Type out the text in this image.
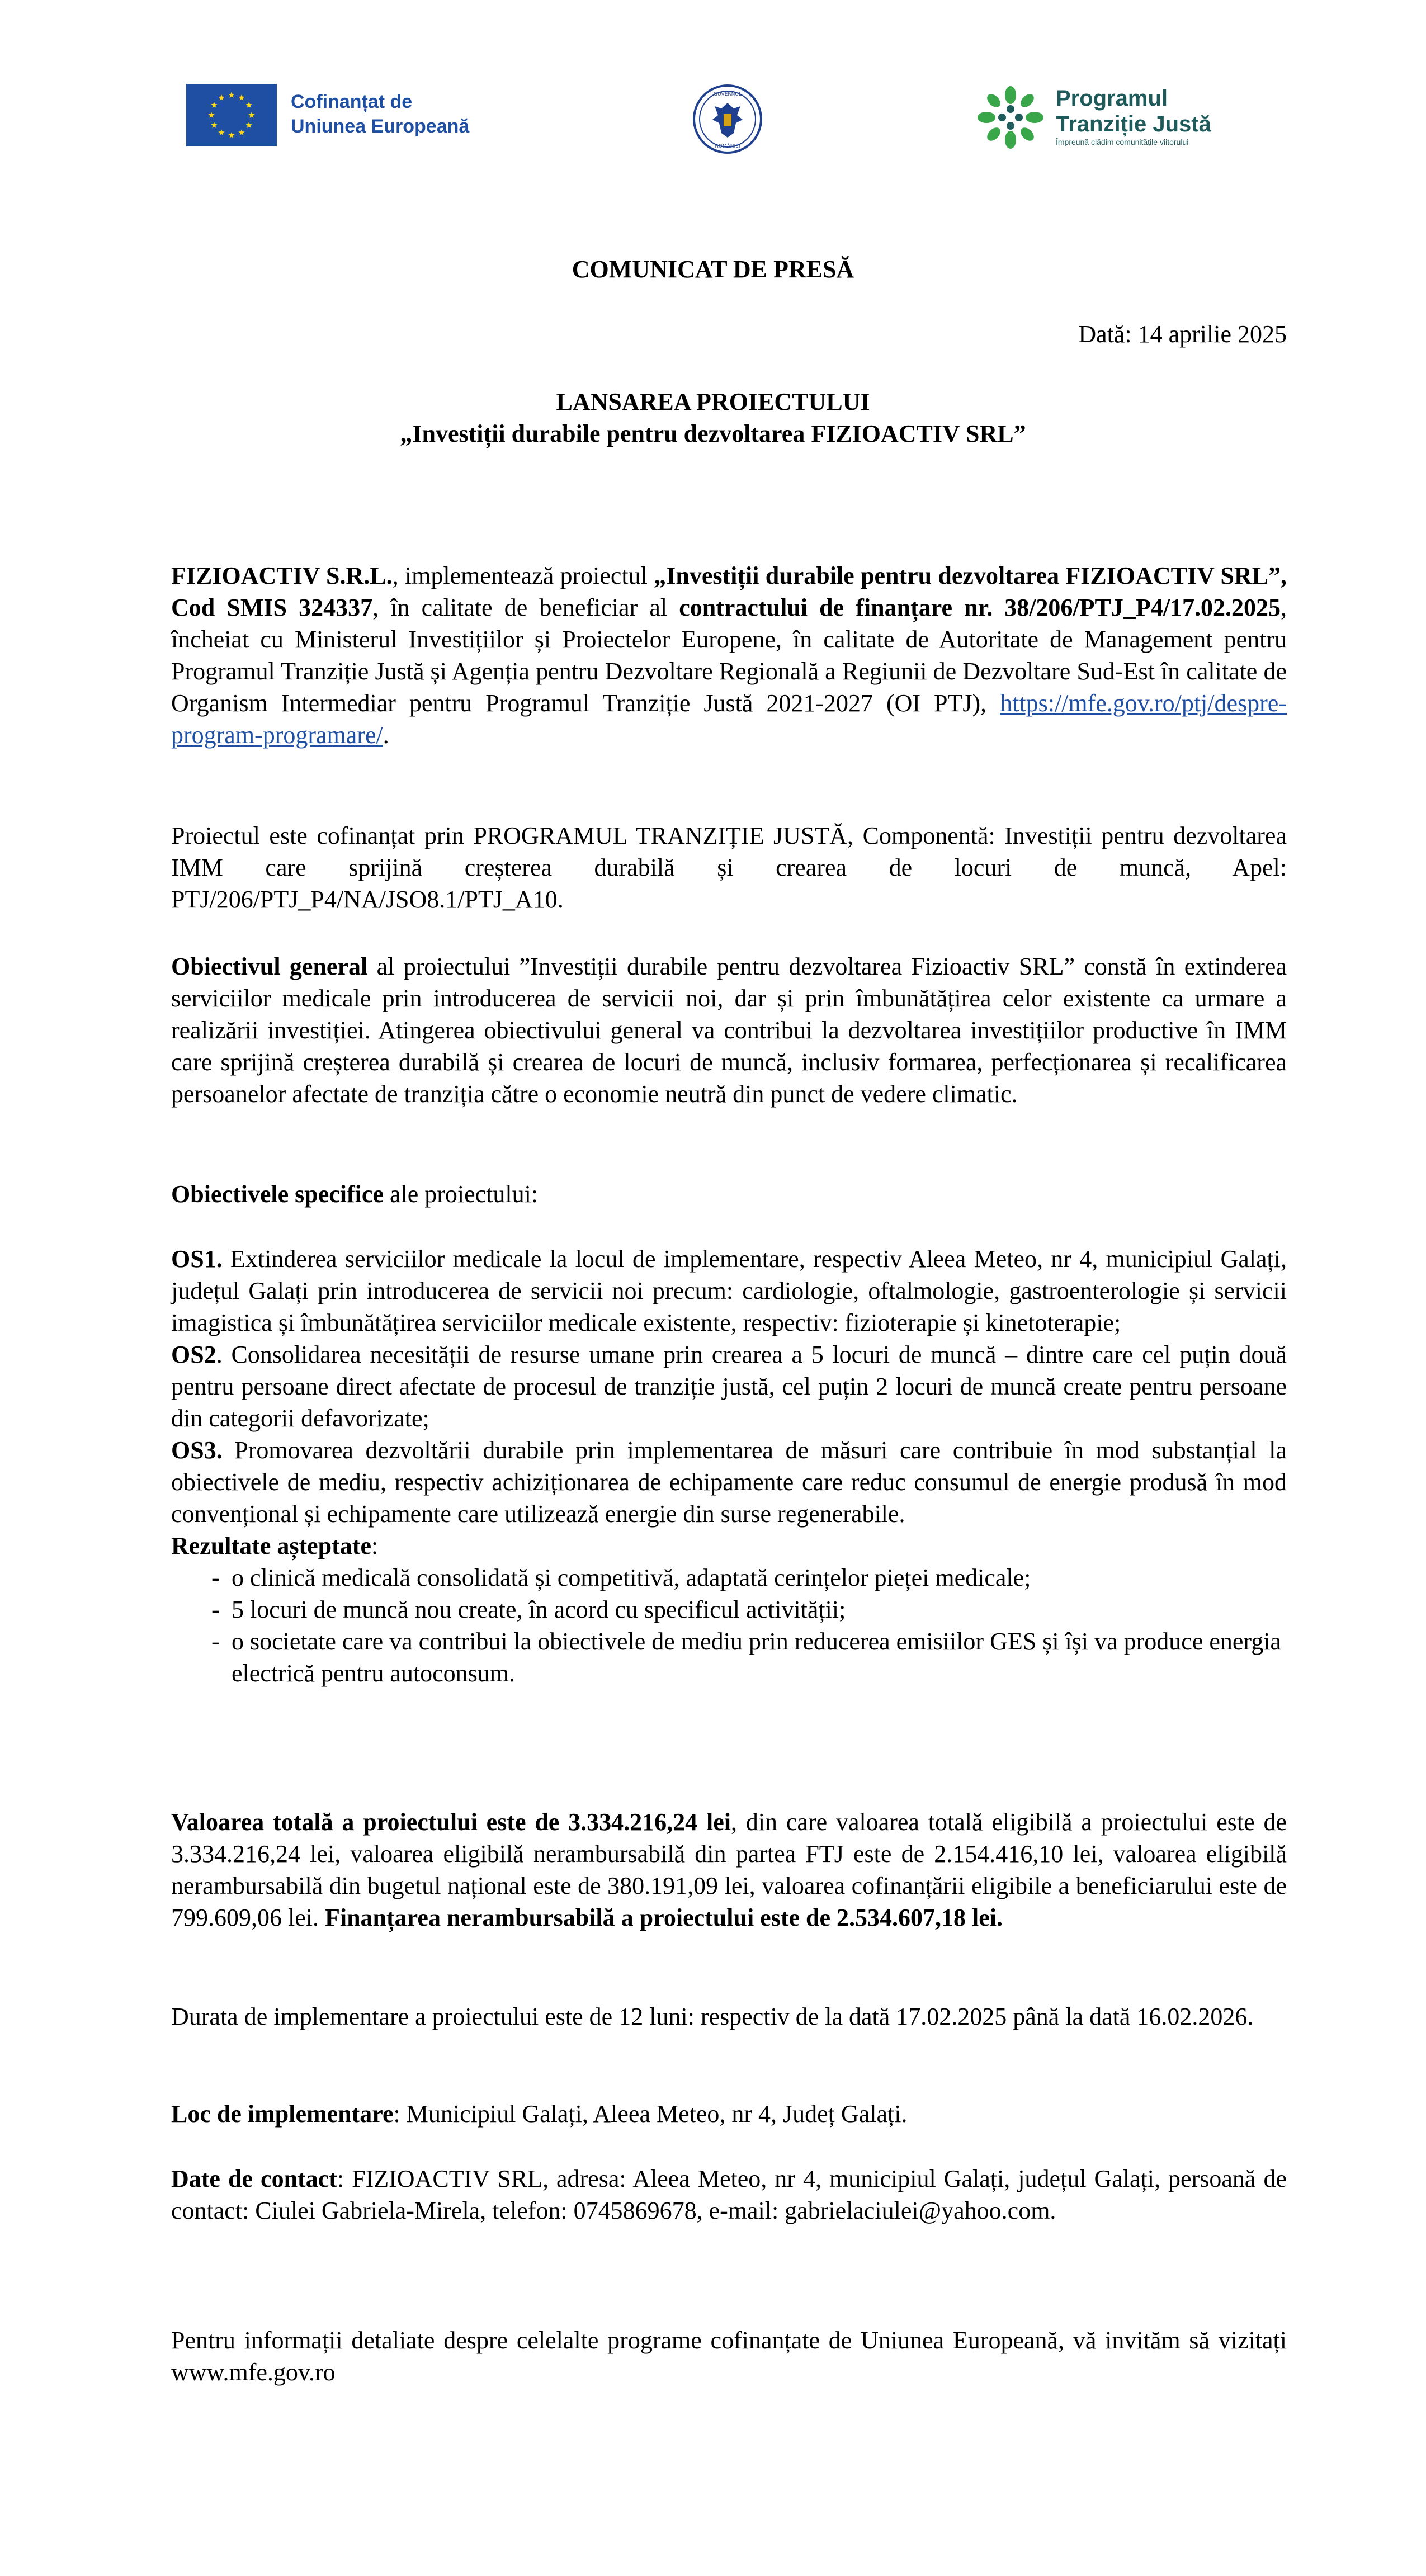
Cofinanțat de
Uniunea Europeană
GUVERNUL
ROMÂNIEI
Programul
Tranziție Justă
Împreună clădim comunitățile viitorului
COMUNICAT DE PRESĂ
Dată: 14 aprilie 2025
LANSAREA PROIECTULUI
„Investiții durabile pentru dezvoltarea FIZIOACTIV SRL”

FIZIOACTIV S.R.L., implementează proiectul „Investiții durabile pentru dezvoltarea FIZIOACTIV SRL”, Cod SMIS 324337, în calitate de beneficiar al contractului de finanțare nr. 38/206/PTJ_P4/17.02.2025, încheiat cu Ministerul Investițiilor și Proiectelor Europene, în calitate de Autoritate de Management pentru Programul Tranziție Justă și Agenția pentru Dezvoltare Regională a Regiunii de Dezvoltare Sud-Est în calitate de Organism Intermediar pentru Programul Tranziție Justă 2021-2027 (OI PTJ), https://mfe.gov.ro/ptj/despre-program-programare/.

Proiectul este cofinanțat prin PROGRAMUL TRANZIȚIE JUSTĂ, Componentă: Investiții pentru dezvoltarea IMM care sprijină creșterea durabilă și crearea de locuri de muncă, Apel: PTJ/206/PTJ_P4/NA/JSO8.1/PTJ_A10.

Obiectivul general al proiectului ”Investiții durabile pentru dezvoltarea Fizioactiv SRL” constă în extinderea serviciilor medicale prin introducerea de servicii noi, dar și prin îmbunătățirea celor existente ca urmare a realizării investiției. Atingerea obiectivului general va contribui la dezvoltarea investițiilor productive în IMM care sprijină creșterea durabilă și crearea de locuri de muncă, inclusiv formarea, perfecționarea și recalificarea persoanelor afectate de tranziția către o economie neutră din punct de vedere climatic.

Obiectivele specifice ale proiectului:

OS1. Extinderea serviciilor medicale la locul de implementare, respectiv Aleea Meteo, nr 4, municipiul Galați, județul Galați prin introducerea de servicii noi precum: cardiologie, oftalmologie, gastroenterologie și servicii imagistica și îmbunătățirea serviciilor medicale existente, respectiv: fizioterapie și kinetoterapie;

OS2. Consolidarea necesității de resurse umane prin crearea a 5 locuri de muncă – dintre care cel puțin două pentru persoane direct afectate de procesul de tranziție justă, cel puțin 2 locuri de muncă create pentru persoane din categorii defavorizate;

OS3. Promovarea dezvoltării durabile prin implementarea de măsuri care contribuie în mod substanțial la obiectivele de mediu, respectiv achiziționarea de echipamente care reduc consumul de energie produsă în mod convențional și echipamente care utilizează energie din surse regenerabile.

Rezultate așteptate:

- o clinică medicală consolidată și competitivă, adaptată cerințelor pieței medicale;
- 5 locuri de muncă nou create, în acord cu specificul activității;
- o societate care va contribui la obiectivele de mediu prin reducerea emisiilor GES și își va produce energia electrică pentru autoconsum.

Valoarea totală a proiectului este de 3.334.216,24 lei, din care valoarea totală eligibilă a proiectului este de 3.334.216,24 lei, valoarea eligibilă nerambursabilă din partea FTJ este de 2.154.416,10 lei, valoarea eligibilă nerambursabilă din bugetul național este de 380.191,09 lei, valoarea cofinanțării eligibile a beneficiarului este de 799.609,06 lei. Finanțarea nerambursabilă a proiectului este de 2.534.607,18 lei.

Durata de implementare a proiectului este de 12 luni: respectiv de la dată 17.02.2025 până la dată 16.02.2026.

Loc de implementare: Municipiul Galați, Aleea Meteo, nr 4, Județ Galați.

Date de contact: FIZIOACTIV SRL, adresa: Aleea Meteo, nr 4, municipiul Galați, județul Galați, persoană de contact: Ciulei Gabriela-Mirela, telefon: 0745869678, e-mail: gabrielaciulei@yahoo.com.

Pentru informații detaliate despre celelalte programe cofinanțate de Uniunea Europeană, vă invităm să vizitați www.mfe.gov.ro
